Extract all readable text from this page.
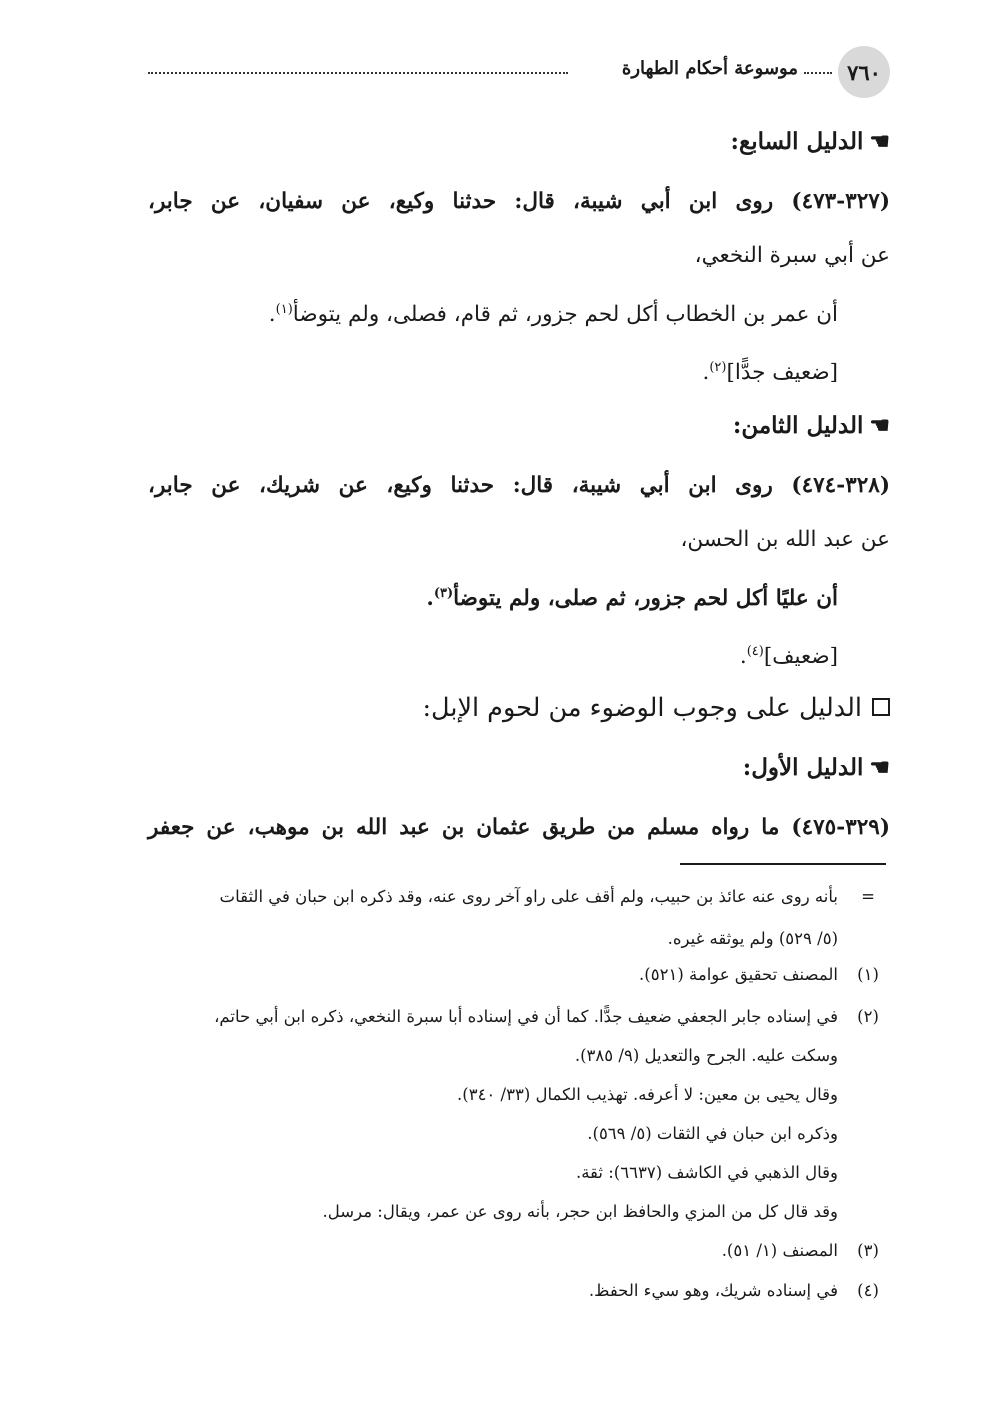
٧٦٠
موسوعة أحكام الطهارة
☚الدليل السابع:
(٣٢٧-٤٧٣) روى ابن أبي شيبة، قال: حدثنا وكيع، عن سفيان، عن جابر،
عن أبي سبرة النخعي،
أن عمر بن الخطاب أكل لحم جزور، ثم قام، فصلى، ولم يتوضأ$^{(١)}$.
[ضعيف جدًّا]$^{(٢)}$.
☚الدليل الثامن:
(٣٢٨-٤٧٤) روى ابن أبي شيبة، قال: حدثنا وكيع، عن شريك، عن جابر،
عن عبد الله بن الحسن،
أن عليًا أكل لحم جزور، ثم صلى، ولم يتوضأ$^{(٣)}$.
[ضعيف]$^{(٤)}$.
الدليل على وجوب الوضوء من لحوم الإبل:
☚الدليل الأول:
(٣٢٩-٤٧٥) ما رواه مسلم من طريق عثمان بن عبد الله بن موهب، عن جعفر
=
بأنه روى عنه عائذ بن حبيب، ولم أقف على راو آخر روى عنه، وقد ذكره ابن حبان في الثقات
(٥/ ٥٢٩) ولم يوثقه غيره.
(١)
المصنف تحقيق عوامة (٥٢١).
(٢)
في إسناده جابر الجعفي ضعيف جدًّا. كما أن في إسناده أبا سبرة النخعي، ذكره ابن أبي حاتم،
وسكت عليه. الجرح والتعديل (٩/ ٣٨٥).
وقال يحيى بن معين: لا أعرفه. تهذيب الكمال (٣٣/ ٣٤٠).
وذكره ابن حبان في الثقات (٥/ ٥٦٩).
وقال الذهبي في الكاشف (٦٦٣٧): ثقة.
وقد قال كل من المزي والحافظ ابن حجر، بأنه روى عن عمر، ويقال: مرسل.
(٣)
المصنف (١/ ٥١).
(٤)
في إسناده شريك، وهو سيء الحفظ.
